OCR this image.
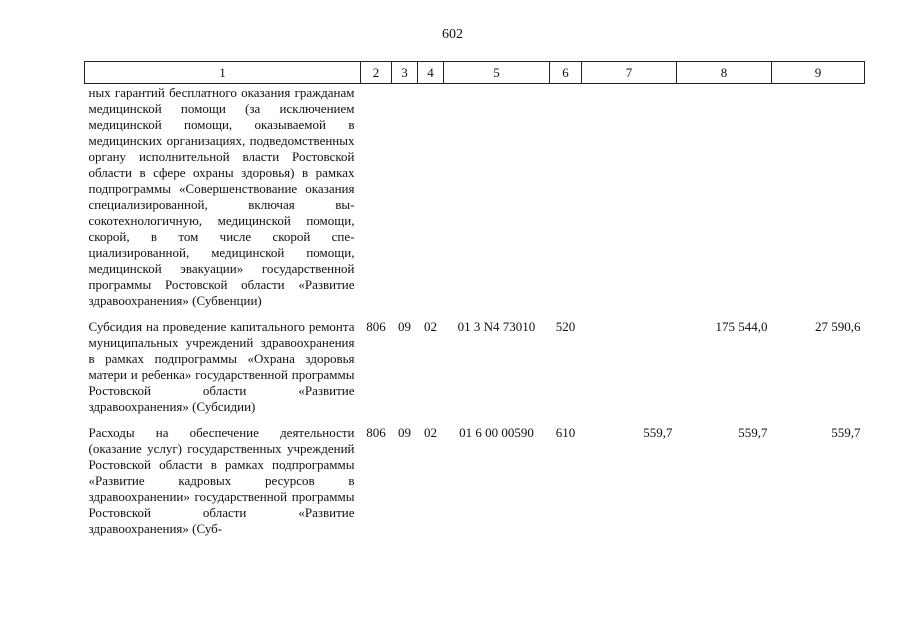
602
1	2	3	4	5	6	7	8	9
ных гарантий бесплатного оказания гражданам медицинской помощи (за исключением медицинской помощи, оказываемой в медицинских организациях, подведомственных органу исполнительной власти Ростовской области в сфере охраны здоровья) в рамках подпрограммы «Совершенствование оказания специализированной, включая высокотехнологичную, медицинской помощи, скорой, в том числе скорой специализированной, медицинской помощи, медицинской эвакуации» государственной программы Ростовской области «Развитие здравоохранения» (Субвенции)								
Субсидия на проведение капитального ремонта муниципальных учреждений здравоохранения в рамках подпрограммы «Охрана здоровья матери и ребенка» государственной программы Ростовской области «Развитие здравоохранения» (Субсидии)	806	09	02	01 3 N4 73010	520		175 544,0	27 590,6
Расходы на обеспечение деятельности (оказание услуг) государственных учреждений Ростовской области в рамках подпрограммы «Развитие кадровых ресурсов в здравоохранении» государственной программы Ростовской области «Развитие здравоохранения» (Суб-	806	09	02	01 6 00 00590	610	559,7	559,7	559,7
